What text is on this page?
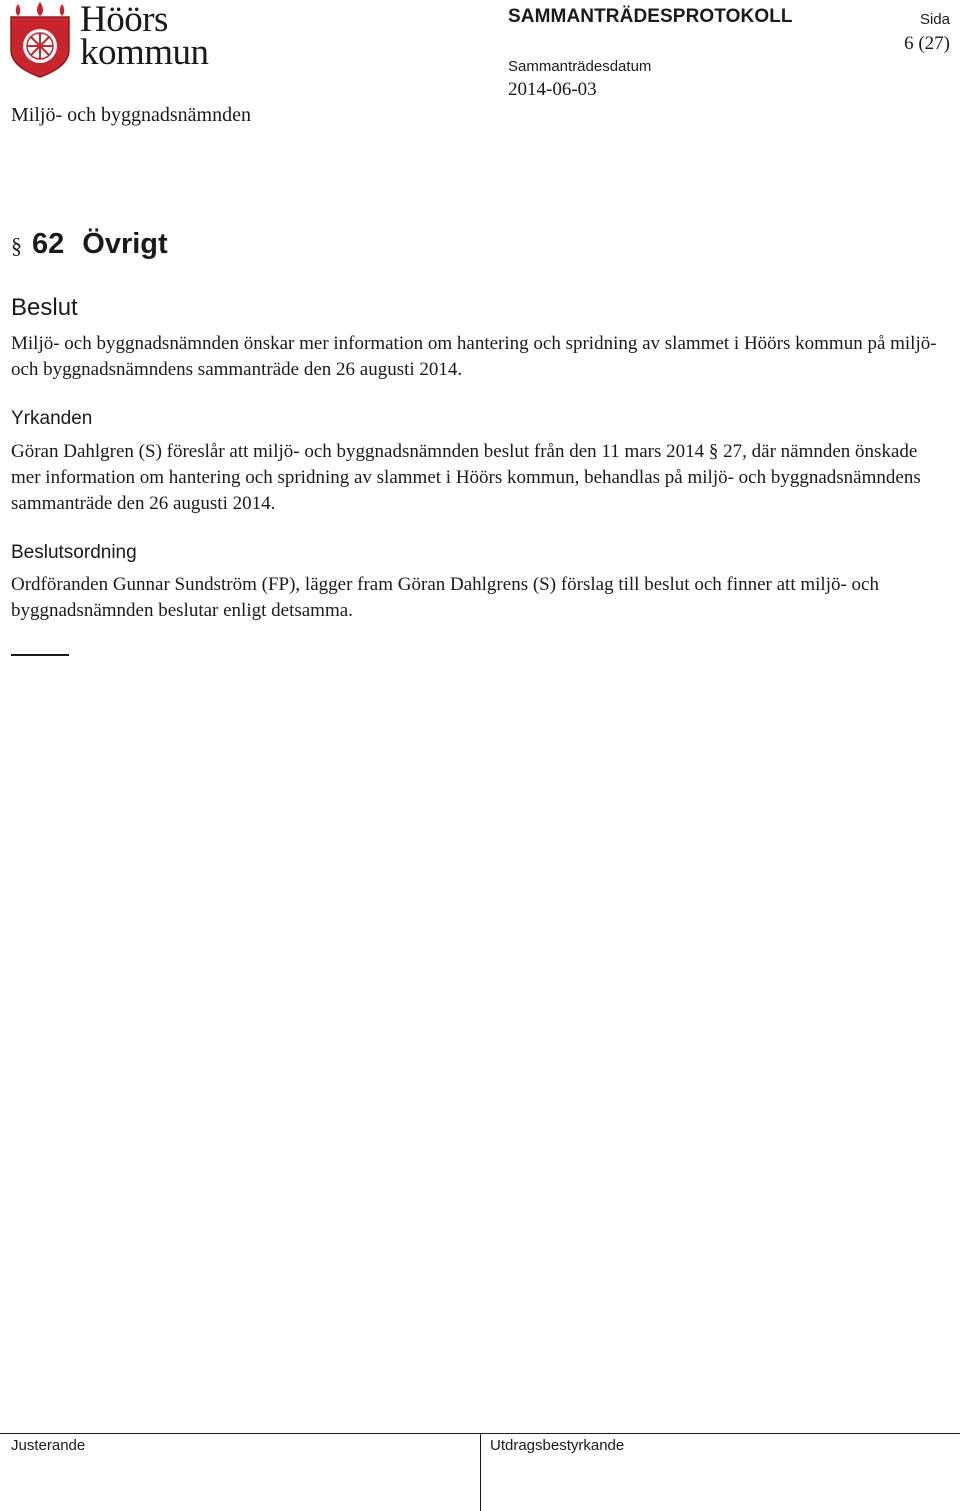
Höörs
kommun
SAMMANTRÄDESPROTOKOLL	Sida
6 (27)
Sammanträdesdatum
2014-06-03
Miljö- och byggnadsnämnden
§ 62 Övrigt
Beslut
Miljö- och byggnadsnämnden önskar mer information om hantering och spridning av slammet i Höörs kommun på miljö- och byggnadsnämndens sammanträde den 26 augusti 2014.
Yrkanden
Göran Dahlgren (S) föreslår att miljö- och byggnadsnämnden beslut från den 11 mars 2014 § 27, där nämnden önskade mer information om hantering och spridning av slammet i Höörs kommun, behandlas på miljö- och byggnadsnämndens sammanträde den 26 augusti 2014.
Beslutsordning
Ordföranden Gunnar Sundström (FP), lägger fram Göran Dahlgrens (S) förslag till beslut och finner att miljö- och byggnadsnämnden beslutar enligt detsamma.
Justerande	Utdragsbestyrkande
